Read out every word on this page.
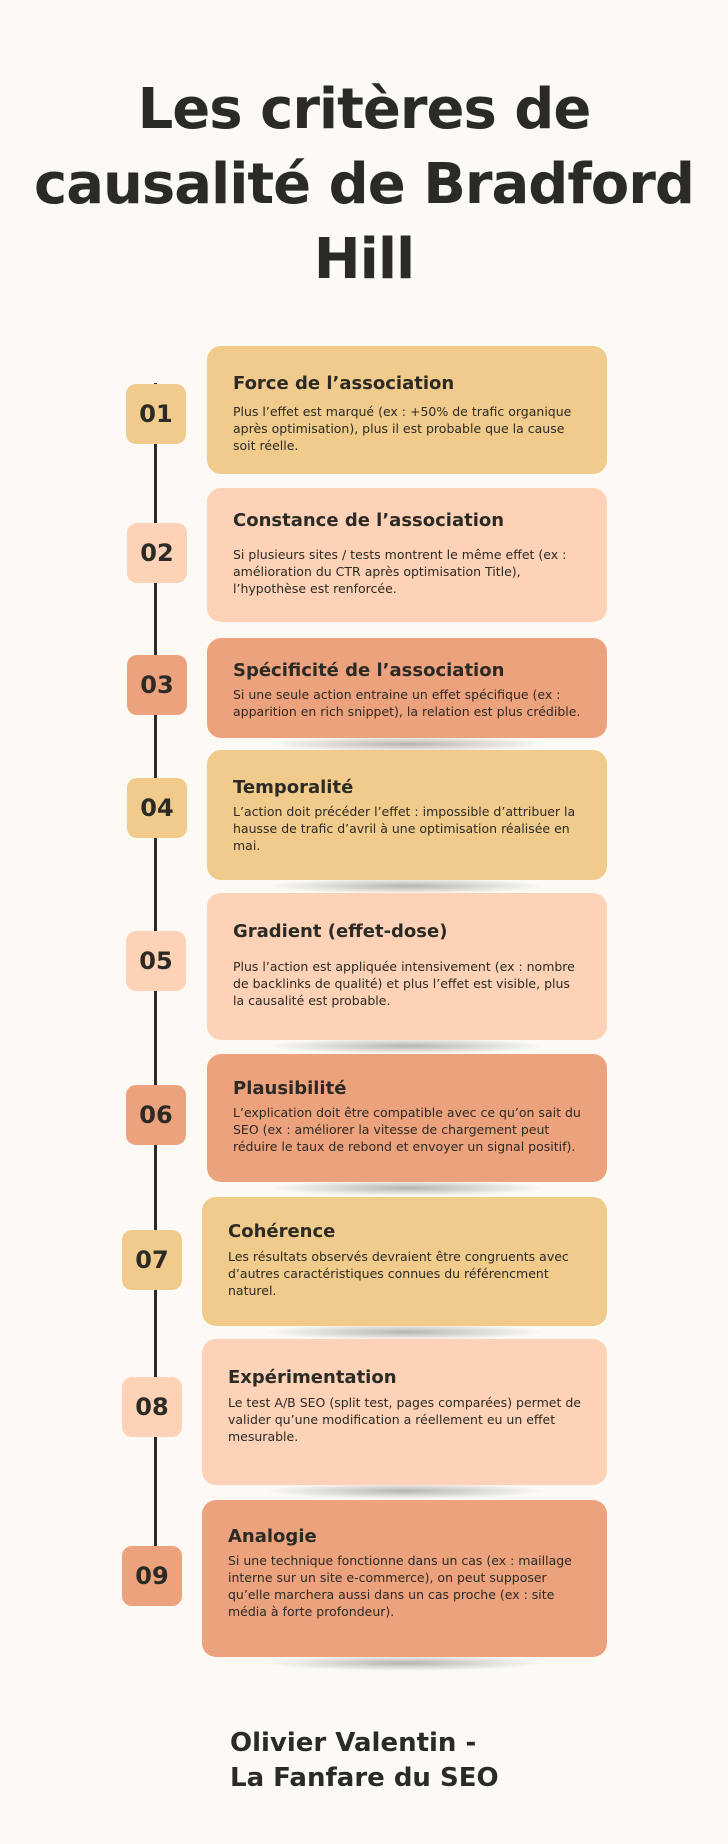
Les critères de causalité de Bradford Hill
01

Force de l’association

Plus l’effet est marqué (ex : +50% de trafic organique après optimisation), plus il est probable que la cause soit réelle.

02

Constance de l’association

Si plusieurs sites / tests montrent le même effet (ex : amélioration du CTR après optimisation Title), l’hypothèse est renforcée.

03

Spécificité de l’association

Si une seule action entraine un effet spécifique (ex : apparition en rich snippet), la relation est plus crédible.

04

Temporalité

L’action doit précéder l’effet : impossible d’attribuer la hausse de trafic d’avril à une optimisation réalisée en mai.

05

Gradient (effet-dose)

Plus l’action est appliquée intensivement (ex : nombre de backlinks de qualité) et plus l’effet est visible, plus la causalité est probable.

06

Plausibilité

L’explication doit être compatible avec ce qu’on sait du SEO (ex : améliorer la vitesse de chargement peut réduire le taux de rebond et envoyer un signal positif).

07

Cohérence

Les résultats observés devraient être congruents avec d’autres caractéristiques connues du référencment naturel.

08

Expérimentation

Le test A/B SEO (split test, pages comparées) permet de valider qu’une modification a réellement eu un effet mesurable.

09

Analogie

Si une technique fonctionne dans un cas (ex : maillage interne sur un site e-commerce), on peut supposer qu’elle marchera aussi dans un cas proche (ex : site média à forte profondeur).

Olivier Valentin -
La Fanfare du SEO
